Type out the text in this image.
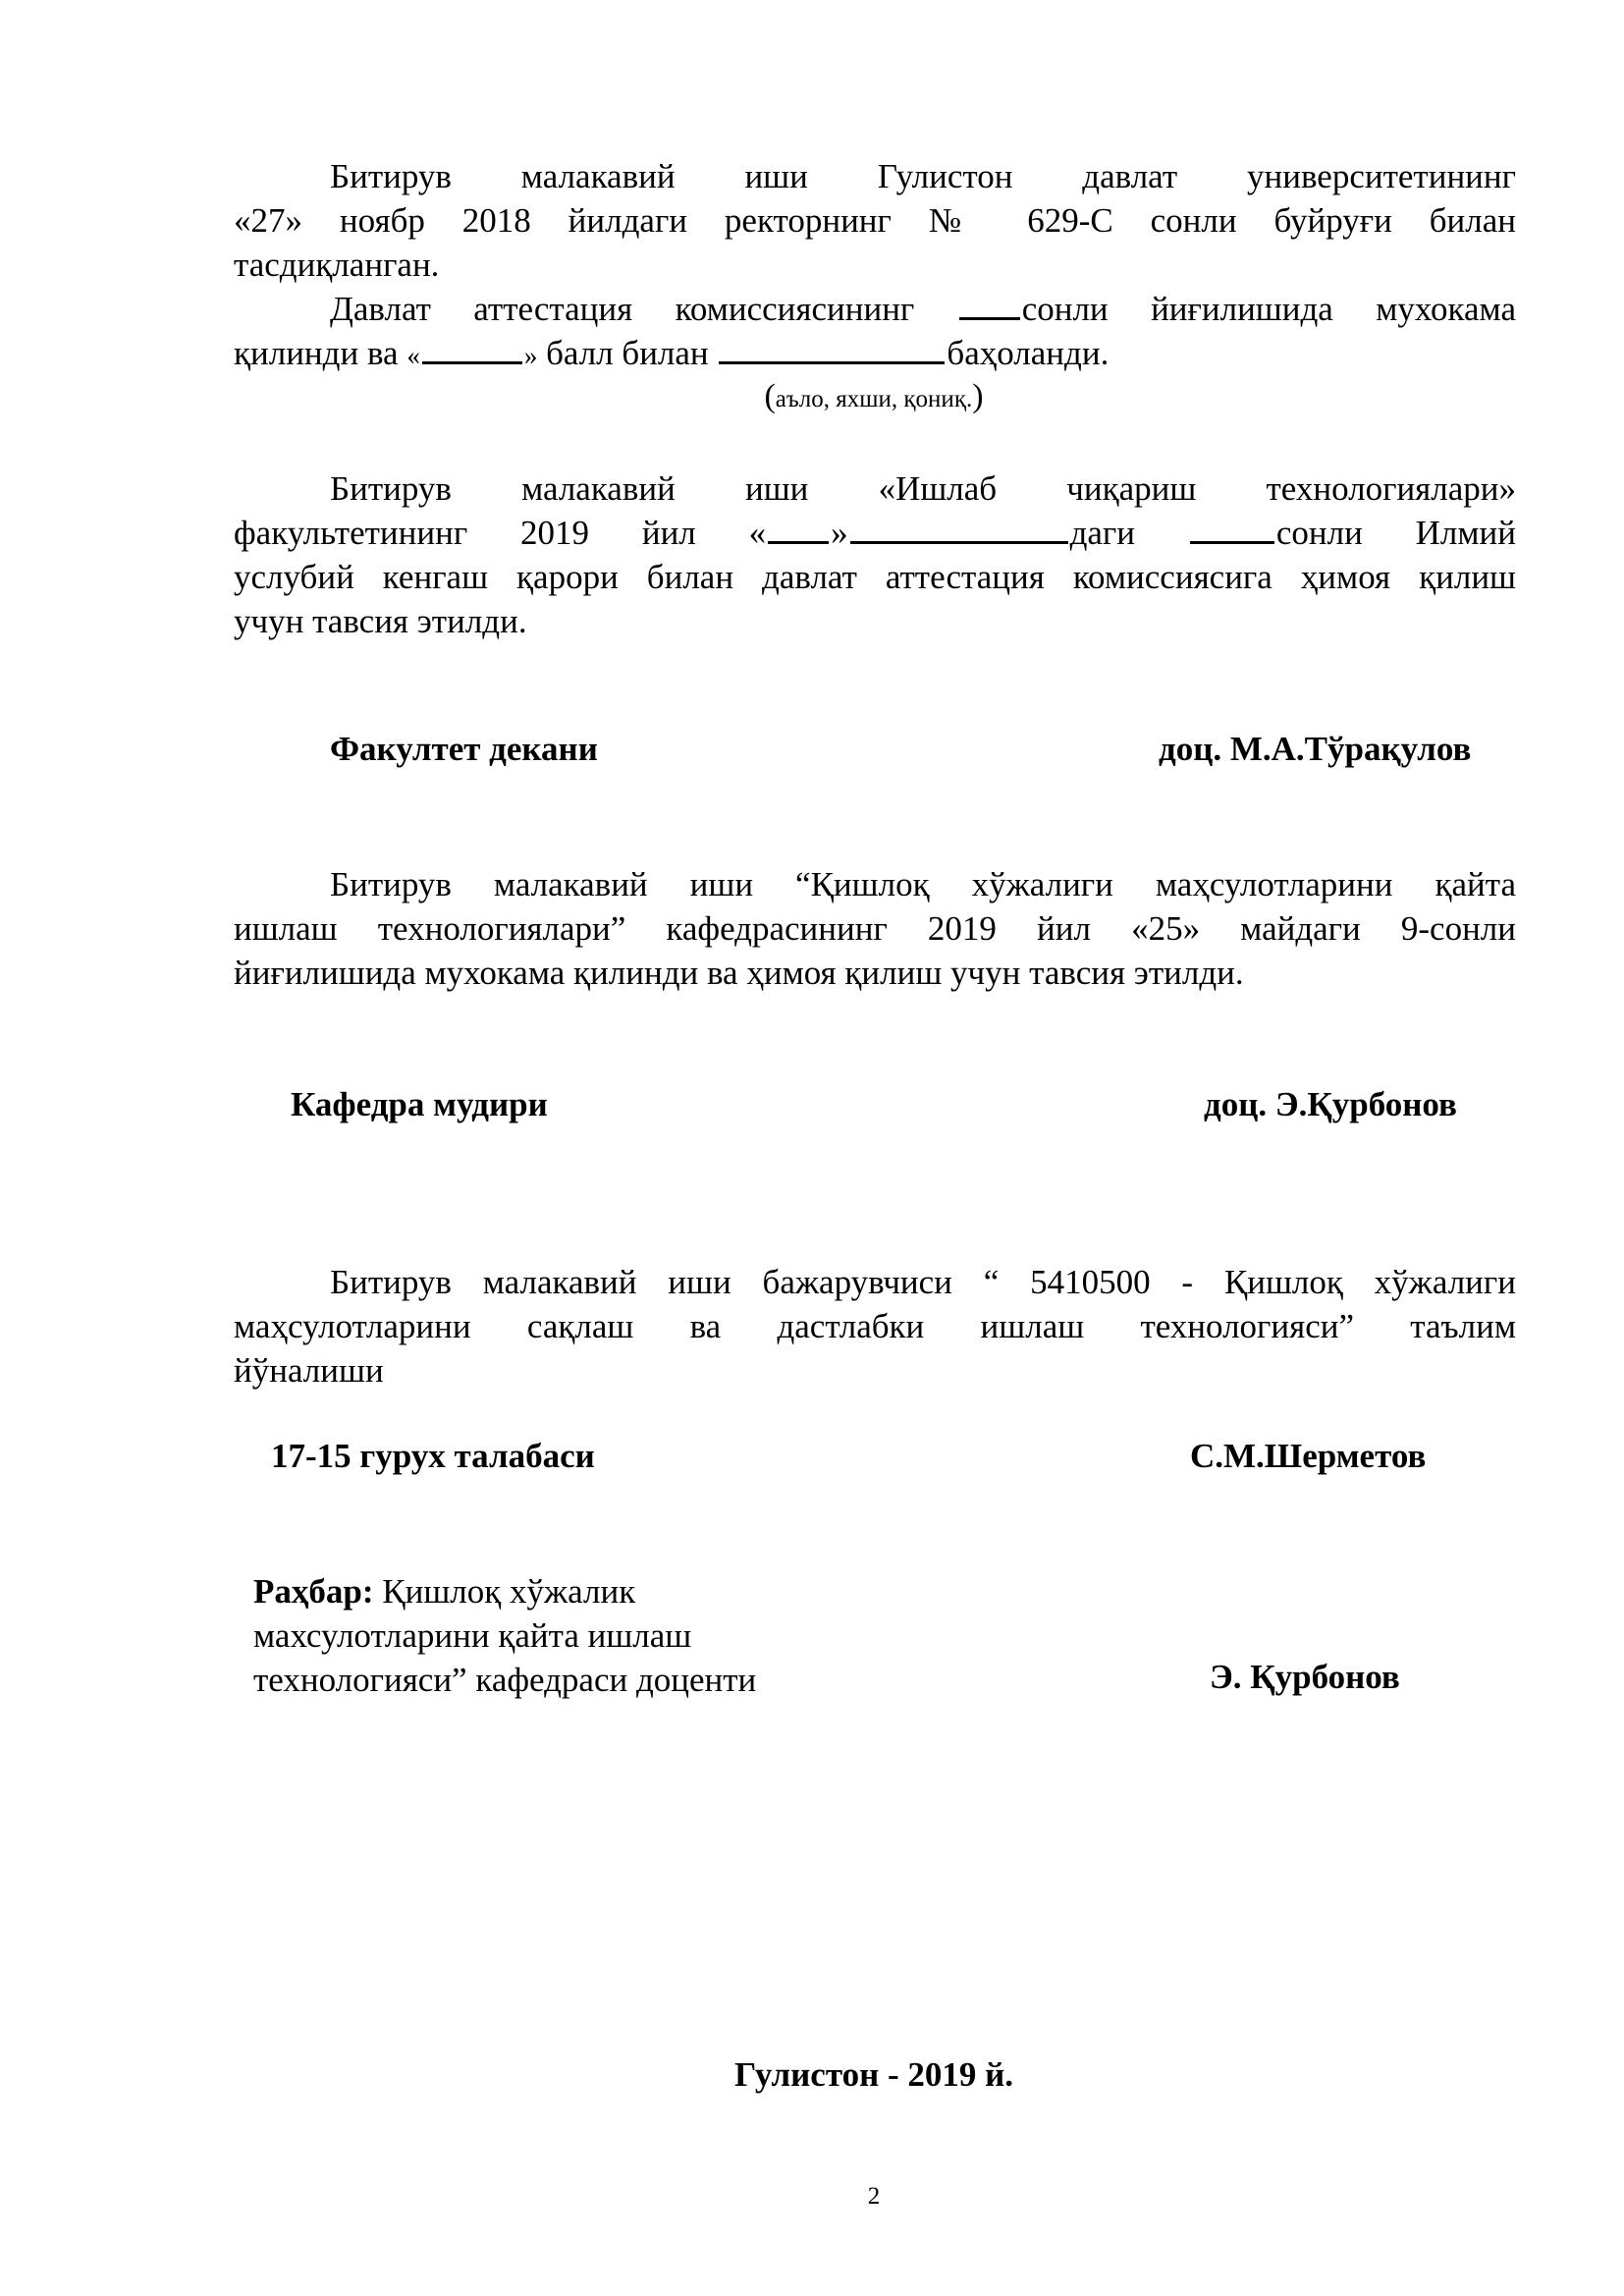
Битирув малакавий иши Гулистон давлат университетининг
«27» ноябр 2018 йилдаги ректорнинг № 629-С сонли буйруғи билан
тасдиқланган.
Давлат аттестация комиссиясининг	сонли йиғилишида мухокама
қилинди ва «	» балл билан	баҳоланди.
(аъло, яхши, қониқ.)
Битирув малакавий иши «Ишлаб чиқариш технологиялари»
факультетининг 2019 йил « »	даги	сонли Илмий
услубий кенгаш қарори билан давлат аттестация комиссиясига ҳимоя қилиш
учун тавсия этилди.
Факултет декани	доц. М.А.Тўрақулов
Битирув малакавий иши “Қишлоқ хўжалиги маҳсулотларини қайта
ишлаш технологиялари” кафедрасининг 2019 йил «25» майдаги 9-сонли
йиғилишида мухокама қилинди ва ҳимоя қилиш учун тавсия этилди.
Кафедра мудири	доц. Э.Қурбонов
Битирув малакавий иши бажарувчиси “ 5410500 - Қишлоқ хўжалиги
маҳсулотларини сақлаш ва дастлабки ишлаш технологияси” таълим
йўналиши
17-15 гурух талабаси	С.М.Шерметов
Раҳбар: Қишлоқ хўжалик
махсулотларини қайта ишлаш
технологияси” кафедраси доценти	Э. Қурбонов
Гулистон - 2019 й.
2
